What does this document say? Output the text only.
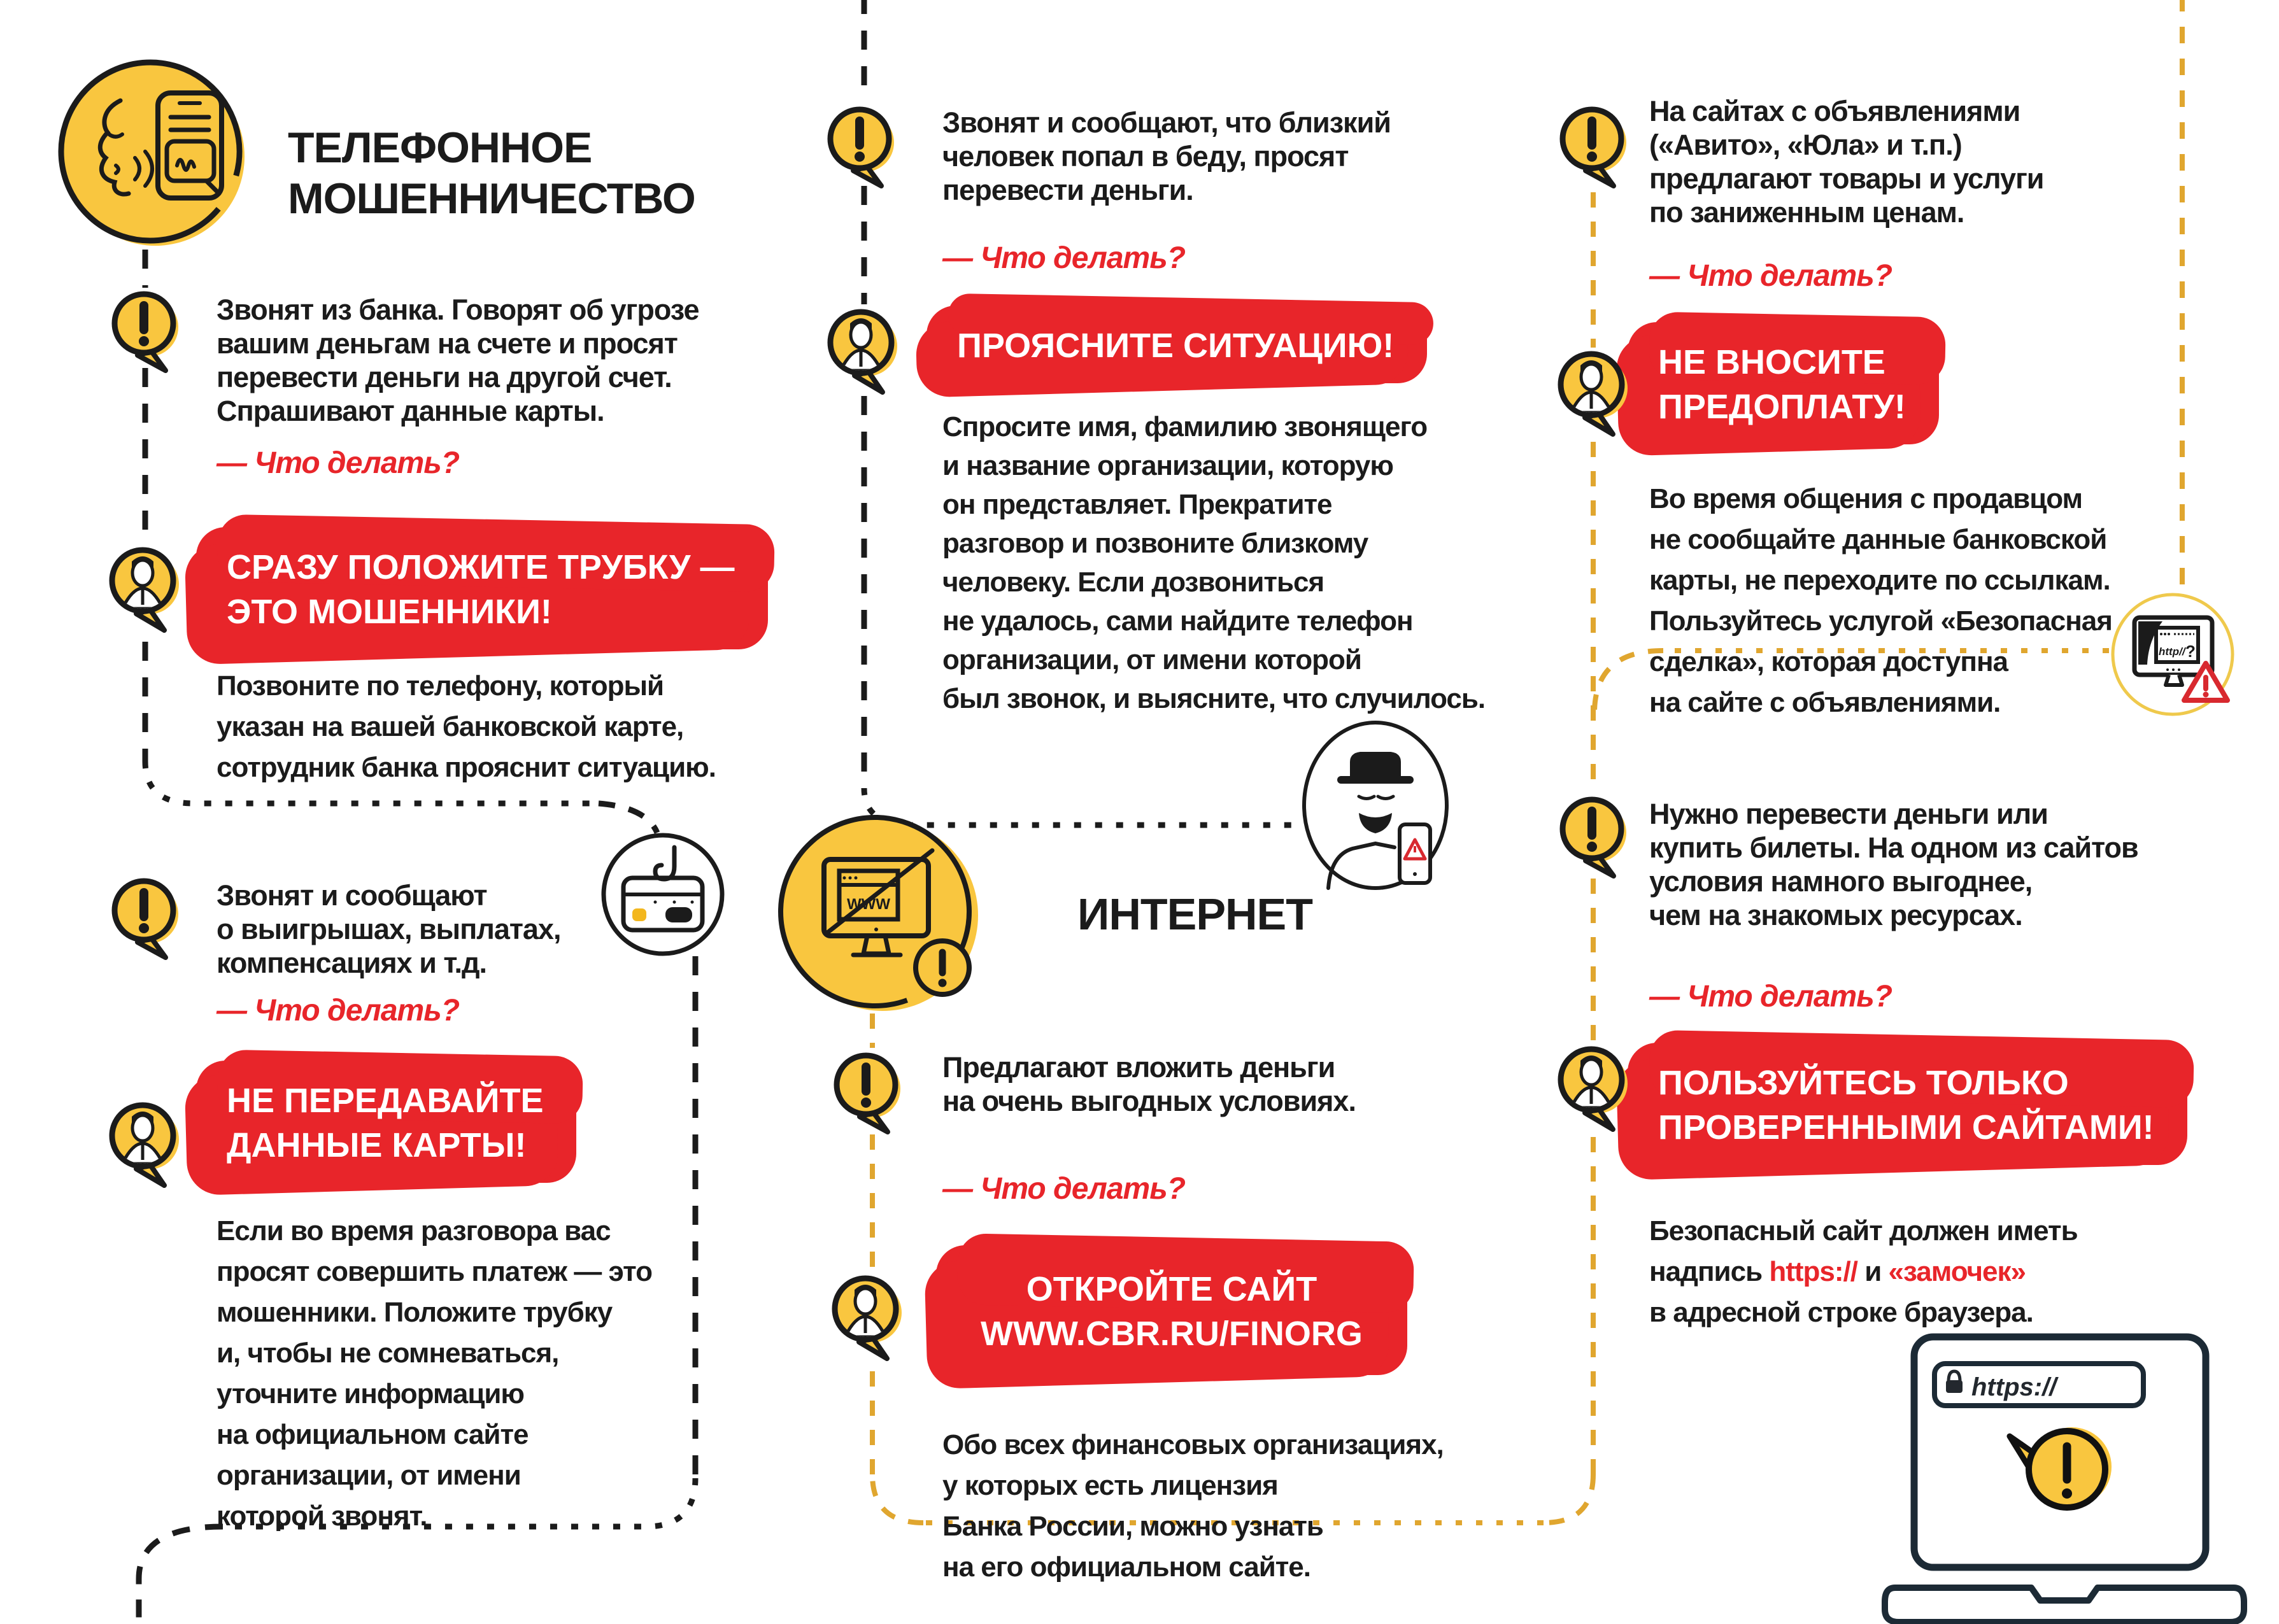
ТЕЛЕФОННОЕ
МОШЕННИЧЕСТВО
Звонят из банка. Говорят об угрозе
вашим деньгам на счете и просят
перевести деньги на другой счет.
Спрашивают данные карты.
— Что делать?
СРАЗУ ПОЛОЖИТЕ ТРУБКУ —
ЭТО МОШЕННИКИ!
Позвоните по телефону, который
указан на вашей банковской карте,
сотрудник банка прояснит ситуацию.
Звонят и сообщают
о выигрышах, выплатах,
компенсациях и т.д.
— Что делать?
НЕ ПЕРЕДАВАЙТЕ
ДАННЫЕ КАРТЫ!
Если во время разговора вас
просят совершить платеж — это
мошенники. Положите трубку
и, чтобы не сомневаться,
уточните информацию
на официальном сайте
организации, от имени
которой звонят.
Звонят и сообщают, что близкий
человек попал в беду, просят
перевести деньги.
— Что делать?
ПРОЯСНИТЕ СИТУАЦИЮ!
Спросите имя, фамилию звонящего
и название организации, которую
он представляет. Прекратите
разговор и позвоните близкому
человеку. Если дозвониться
не удалось, сами найдите телефон
организации, от имени которой
был звонок, и выясните, что случилось.
WWW	ИНТЕРНЕТ
Предлагают вложить деньги
на очень выгодных условиях.
— Что делать?
ОТКРОЙТЕ САЙТ
WWW.CBR.RU/FINORG
Обо всех финансовых организациях,
у которых есть лицензия
Банка России, можно узнать
на его официальном сайте.
На сайтах с объявлениями
(«Авито», «Юла» и т.п.)
предлагают товары и услуги
по заниженным ценам.
— Что делать?
НЕ ВНОСИТЕ
ПРЕДОПЛАТУ!
Во время общения с продавцом
не сообщайте данные банковской
карты, не переходите по ссылкам.
Пользуйтесь услугой «Безопасная
сделка», которая доступна
на сайте с объявлениями.
http// ?
Нужно перевести деньги или
купить билеты. На одном из сайтов
условия намного выгоднее,
чем на знакомых ресурсах.
— Что делать?
ПОЛЬЗУЙТЕСЬ ТОЛЬКО
ПРОВЕРЕННЫМИ САЙТАМИ!
Безопасный сайт должен иметь
надпись https:// и «замочек»
в адресной строке браузера.
https://
